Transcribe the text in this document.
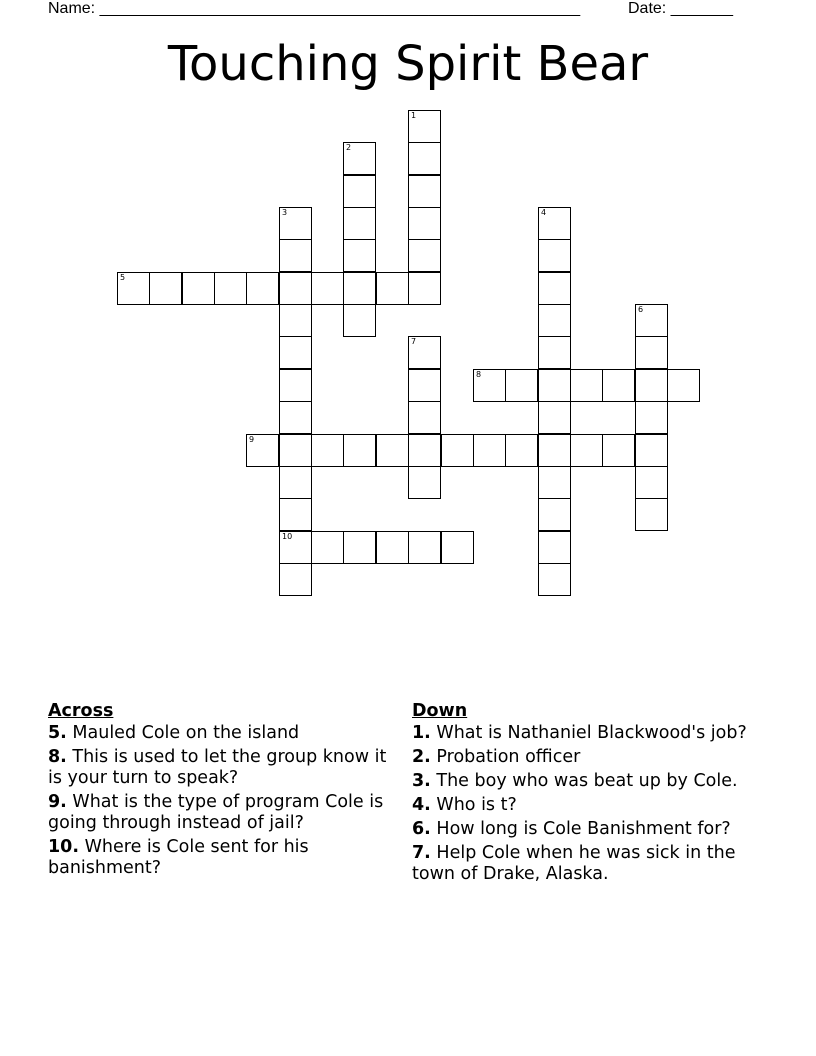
Name: ______________________________________________________	Date: _______
Touching Spirit Bear
1
2
3
10
4
5
6
7
8
9
Across
5. Mauled Cole on the island
8. This is used to let the group know it is your turn to speak?
9. What is the type of program Cole is going through instead of jail?
10. Where is Cole sent for his banishment?
Down
1. What is Nathaniel Blackwood's job?
2. Probation officer
3. The boy who was beat up by Cole.
4. Who is t?
6. How long is Cole Banishment for?
7. Help Cole when he was sick in the town of Drake, Alaska.
